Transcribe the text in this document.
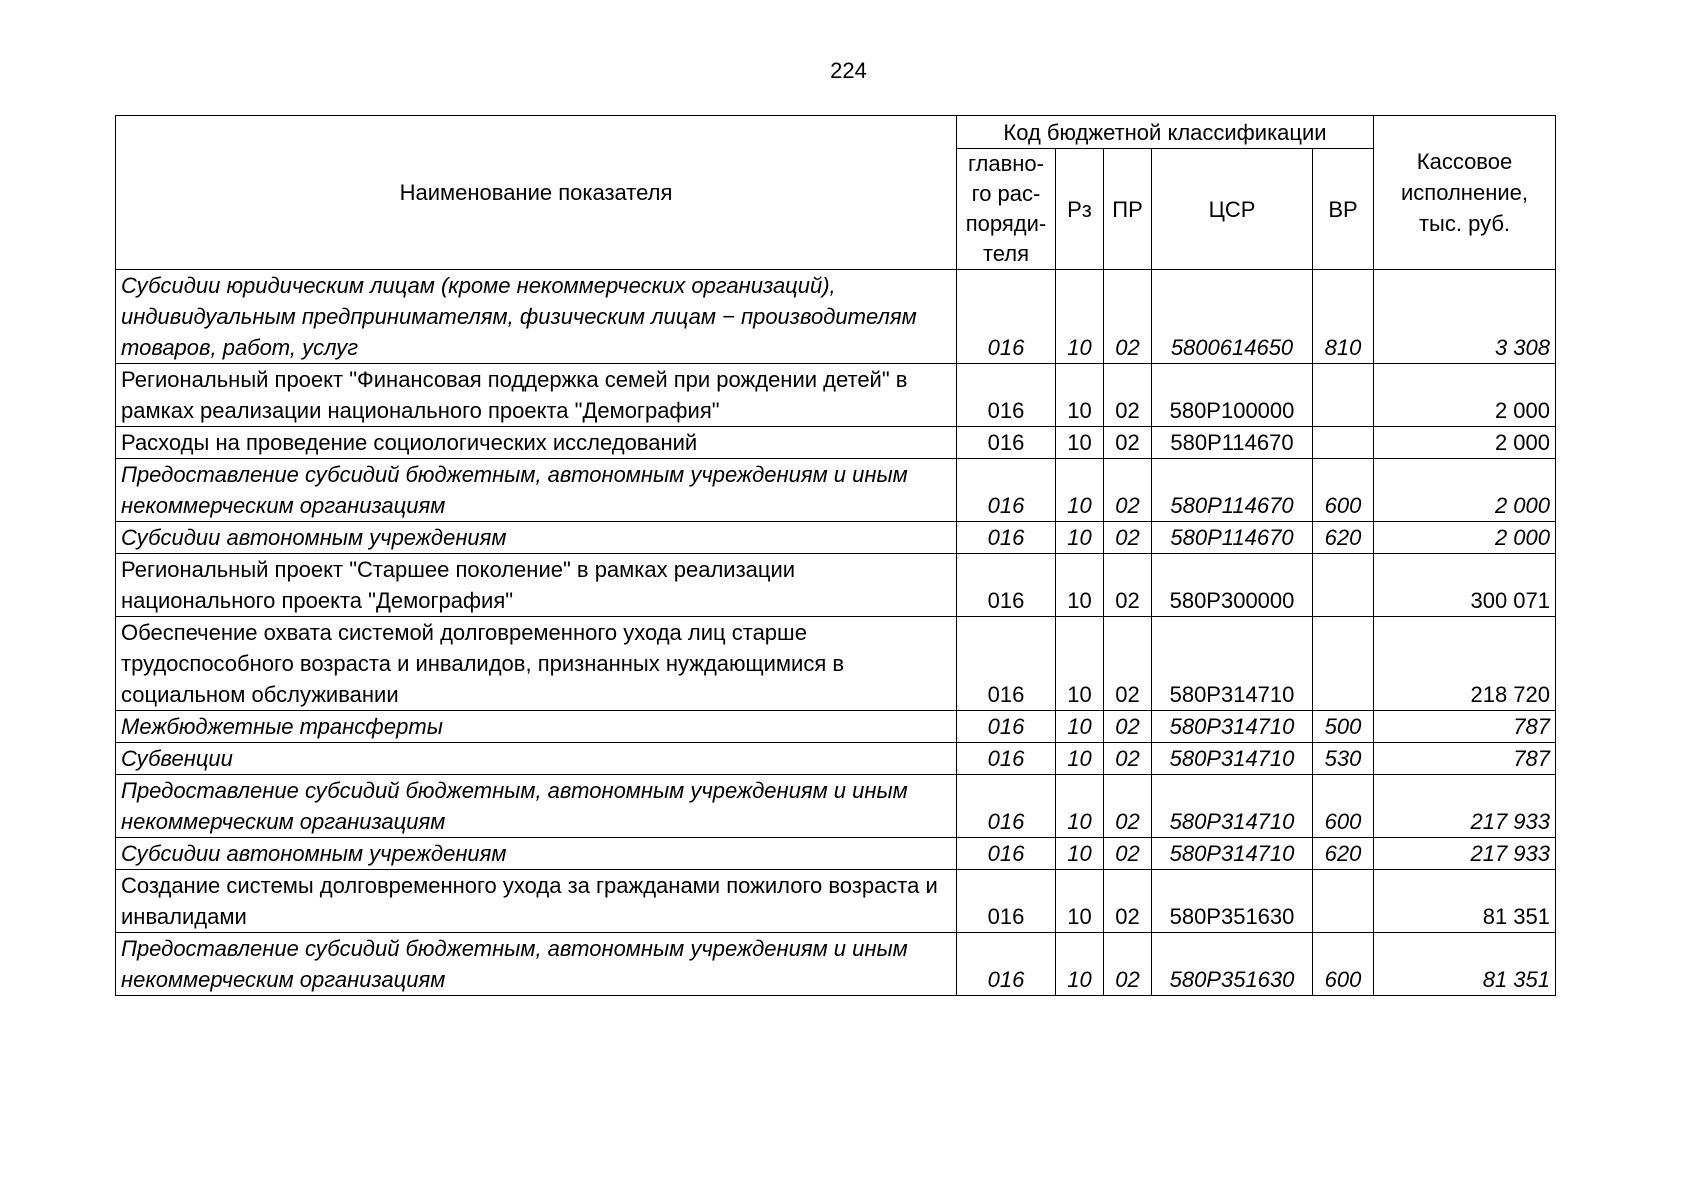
224
Наименование показателя	Код бюджетной классификации					Кассовое
исполнение,
тыс. руб.

	главно-
го рас-
поряди-
теля	Рз	ПР	ЦСР	ВР	
Субсидии юридическим лицам (кроме некоммерческих организаций), индивидуальным предпринимателям, физическим лицам − производителям товаров, работ, услуг	016	10	02	5800614650	810	3 308
Региональный проект "Финансовая поддержка семей при рождении детей" в рамках реализации национального проекта "Демография"	016	10	02	580P100000		2 000
Расходы на проведение социологических исследований	016	10	02	580P114670		2 000
Предоставление субсидий бюджетным, автономным учреждениям и иным некоммерческим организациям	016	10	02	580P114670	600	2 000
Субсидии автономным учреждениям	016	10	02	580P114670	620	2 000
Региональный проект "Старшее поколение" в рамках реализации национального проекта "Демография"	016	10	02	580P300000		300 071
Обеспечение охвата системой долговременного ухода лиц старше трудоспособного возраста и инвалидов, признанных нуждающимися в социальном обслуживании	016	10	02	580P314710		218 720
Межбюджетные трансферты	016	10	02	580P314710	500	787
Субвенции	016	10	02	580P314710	530	787
Предоставление субсидий бюджетным, автономным учреждениям и иным некоммерческим организациям	016	10	02	580P314710	600	217 933
Субсидии автономным учреждениям	016	10	02	580P314710	620	217 933
Создание системы долговременного ухода за гражданами пожилого возраста и инвалидами	016	10	02	580P351630		81 351
Предоставление субсидий бюджетным, автономным учреждениям и иным некоммерческим организациям	016	10	02	580P351630	600	81 351
